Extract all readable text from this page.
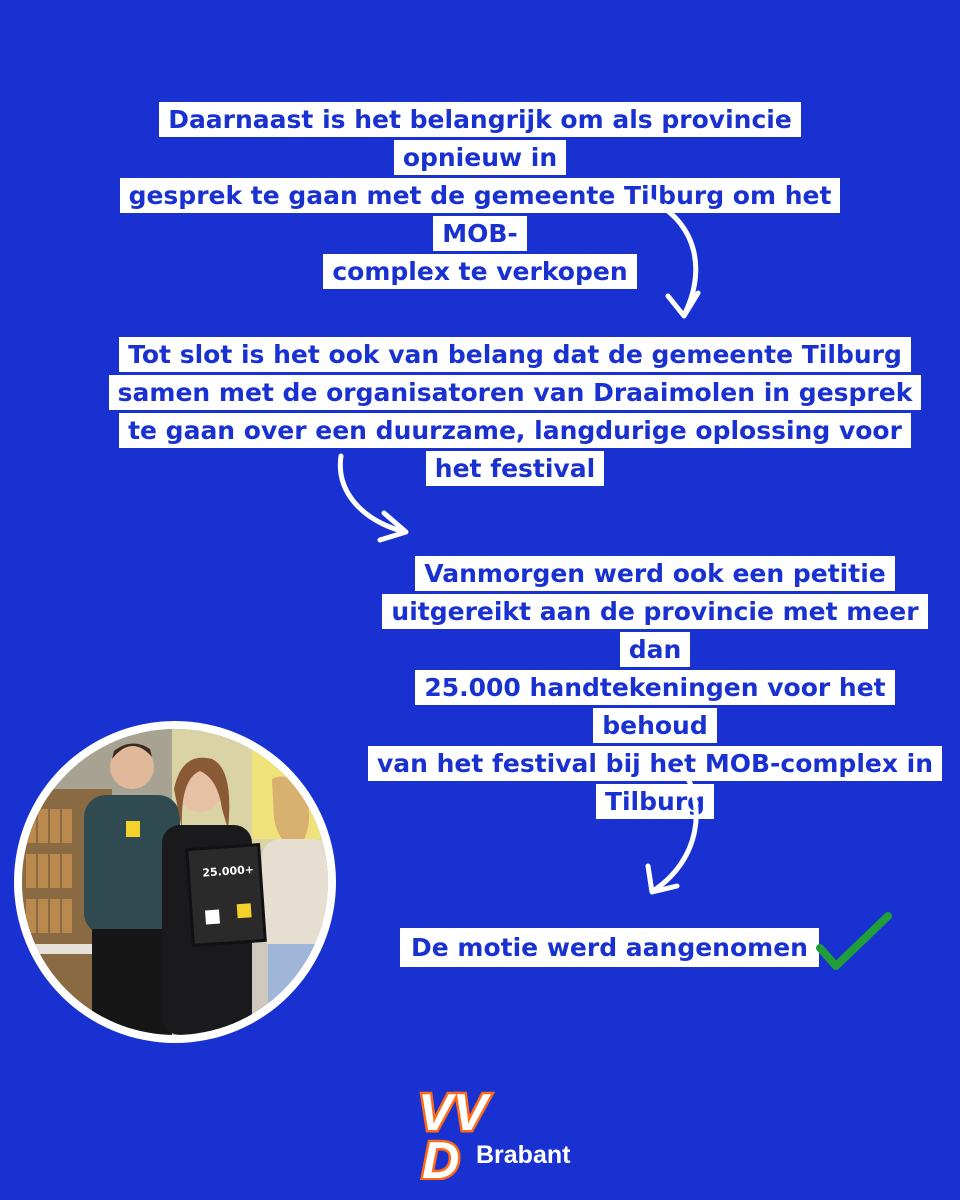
Daarnaast is het belangrijk om als provincie opnieuw in
gesprek te gaan met de gemeente Tilburg om het MOB-
complex te verkopen
Tot slot is het ook van belang dat de gemeente Tilburg
samen met de organisatoren van Draaimolen in gesprek
te gaan over een duurzame, langdurige oplossing voor
het festival
Vanmorgen werd ook een petitie
uitgereikt aan de provincie met meer dan
25.000 handtekeningen voor het behoud
van het festival bij het MOB-complex in
Tilburg
De motie werd aangenomen
25.000+
VV
D Brabant
